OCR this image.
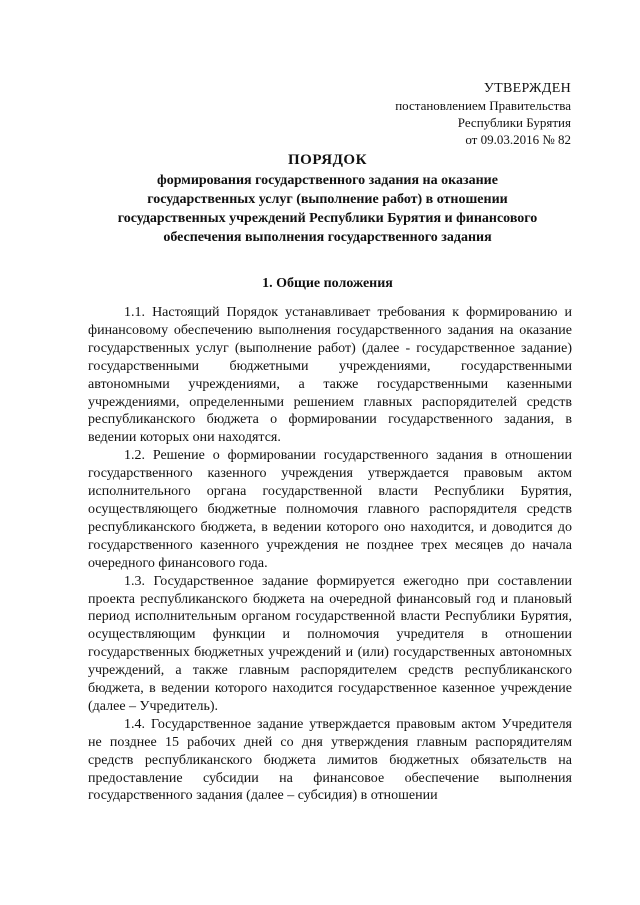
УТВЕРЖДЕН
постановлением Правительства
Республики Бурятия
от 09.03.2016 № 82
ПОРЯДОК
формирования государственного задания на оказание
государственных услуг (выполнение работ) в отношении
государственных учреждений Республики Бурятия и финансового
обеспечения выполнения государственного задания
1. Общие положения

1.1. Настоящий Порядок устанавливает требования к формированию и финансовому обеспечению выполнения государственного задания на оказание государственных услуг (выполнение работ) (далее - государственное задание) государственными бюджетными учреждениями, государственными автономными учреждениями, а также государственными казенными учреждениями, определенными решением главных распорядителей средств республиканского бюджета о формировании государственного задания, в ведении которых они находятся.

1.2. Решение о формировании государственного задания в отношении государственного казенного учреждения утверждается правовым актом исполнительного органа государственной власти Республики Бурятия, осуществляющего бюджетные полномочия главного распорядителя средств республиканского бюджета, в ведении которого оно находится, и доводится до государственного казенного учреждения не позднее трех месяцев до начала очередного финансового года.

1.3. Государственное задание формируется ежегодно при составлении проекта республиканского бюджета на очередной финансовый год и плановый период исполнительным органом государственной власти Республики Бурятия, осуществляющим функции и полномочия учредителя в отношении государственных бюджетных учреждений и (или) государственных автономных учреждений, а также главным распорядителем средств республиканского бюджета, в ведении которого находится государственное казенное учреждение (далее – Учредитель).

1.4. Государственное задание утверждается правовым актом Учредителя не позднее 15 рабочих дней со дня утверждения главным распорядителям средств республиканского бюджета лимитов бюджетных обязательств на предоставление субсидии на финансовое обеспечение выполнения государственного задания (далее – субсидия) в отношении
